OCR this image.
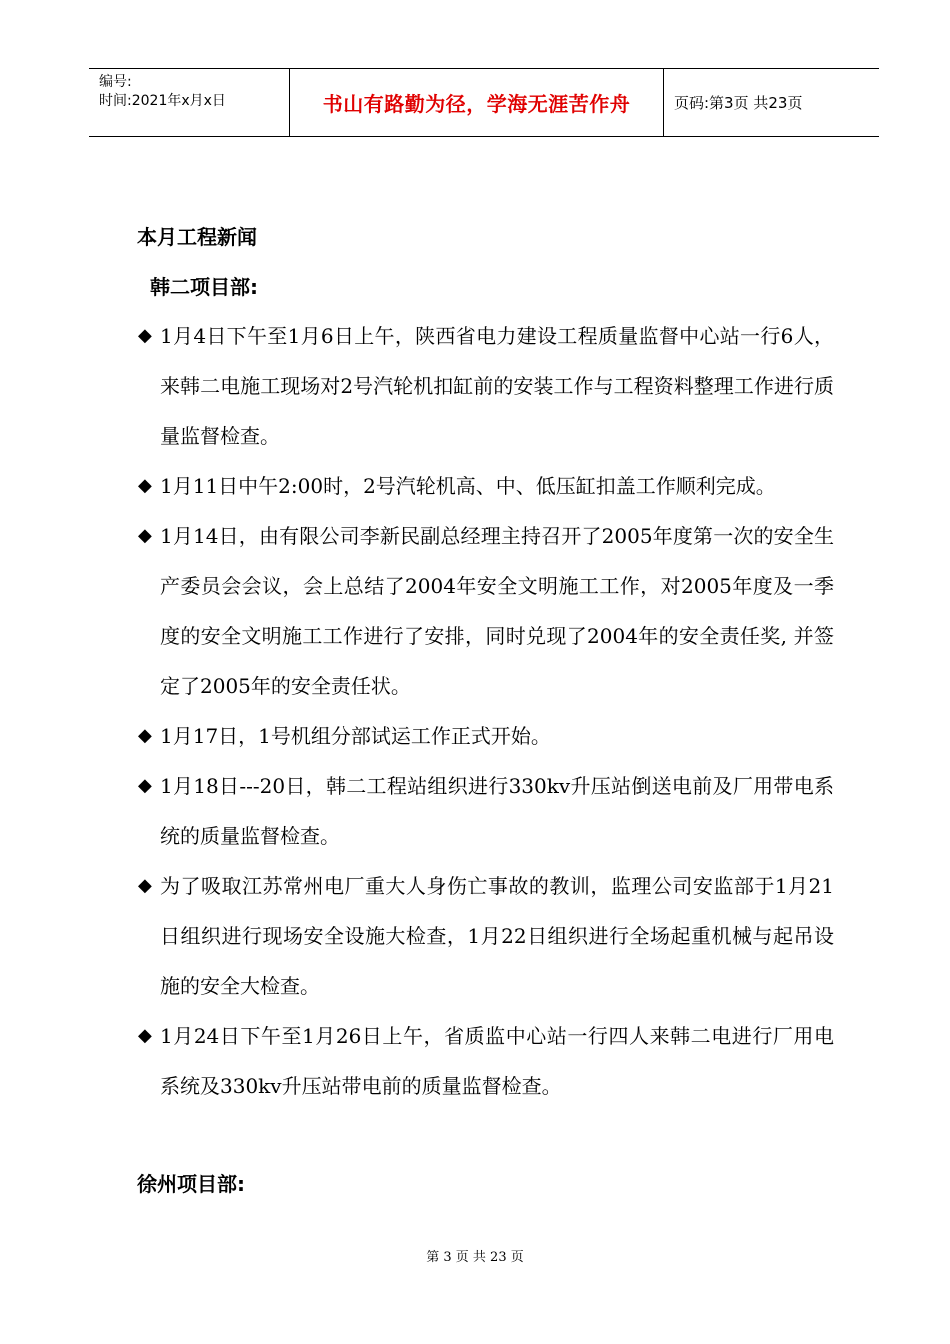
编号:
时间:2021年x月x日	书山有路勤为径，学海无涯苦作舟	页码:第3页 共23页
本月工程新闻
韩二项目部:
◆ 1月4日下午至1月6日上午，陕西省电力建设工程质量监督中心站一行6人，来韩二电施工现场对2号汽轮机扣缸前的安装工作与工程资料整理工作进行质量监督检查。
◆ 1月11日中午2:00时，2号汽轮机高、中、低压缸扣盖工作顺利完成。
◆ 1月14日，由有限公司李新民副总经理主持召开了2005年度第一次的安全生产委员会会议，会上总结了2004年安全文明施工工作，对2005年度及一季度的安全文明施工工作进行了安排，同时兑现了2004年的安全责任奖, 并签定了2005年的安全责任状。
◆ 1月17日，1号机组分部试运工作正式开始。
◆ 1月18日---20日，韩二工程站组织进行330kv升压站倒送电前及厂用带电系统的质量监督检查。
◆ 为了吸取江苏常州电厂重大人身伤亡事故的教训，监理公司安监部于1月21日组织进行现场安全设施大检查，1月22日组织进行全场起重机械与起吊设施的安全大检查。
◆ 1月24日下午至1月26日上午，省质监中心站一行四人来韩二电进行厂用电系统及330kv升压站带电前的质量监督检查。
徐州项目部:
第 3 页 共 23 页
